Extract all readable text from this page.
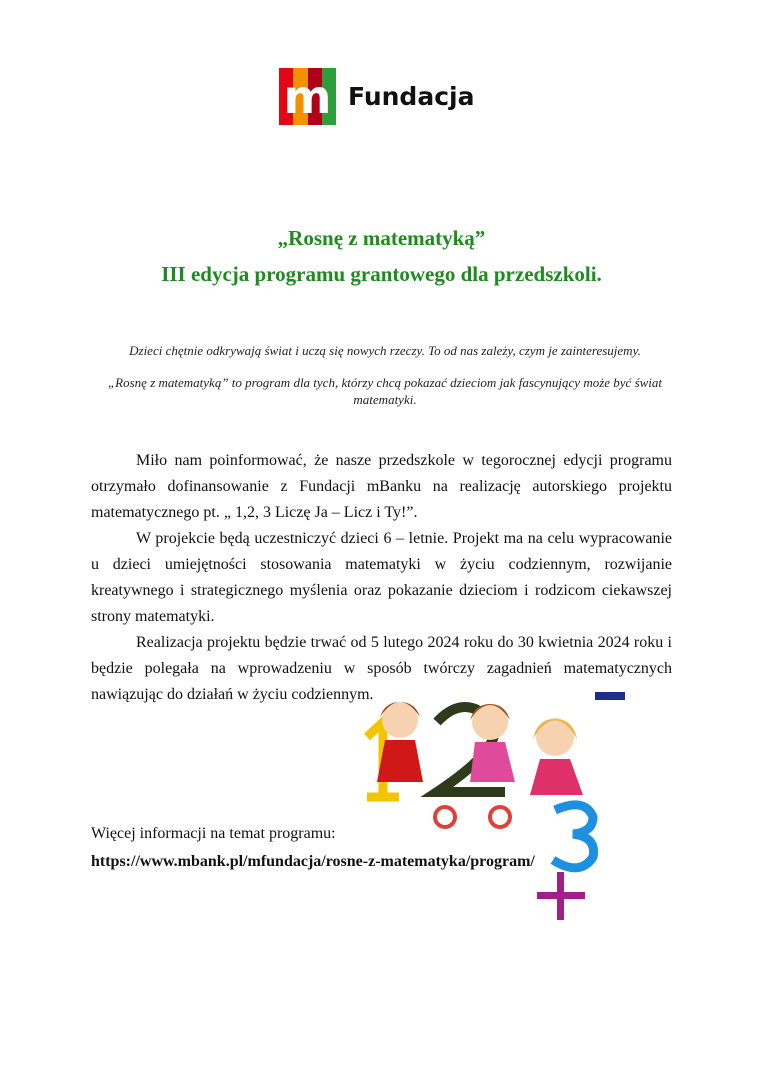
m Fundacja
„Rosnę z matematyką”
III edycja programu grantowego dla przedszkoli.
Dzieci chętnie odkrywają świat i uczą się nowych rzeczy. To od nas zależy, czym je zainteresujemy.
„Rosnę z matematyką” to program dla tych, którzy chcą pokazać dzieciom jak fascynujący może być świat matematyki.

Miło nam poinformować, że nasze przedszkole w tegorocznej edycji programu otrzymało dofinansowanie z Fundacji mBanku na realizację autorskiego projektu matematycznego pt. „ 1,2, 3 Liczę Ja – Licz i Ty!”.

W projekcie będą uczestniczyć dzieci 6 – letnie. Projekt ma na celu wypracowanie u dzieci umiejętności stosowania matematyki w życiu codziennym, rozwijanie kreatywnego i strategicznego myślenia oraz pokazanie dzieciom i rodzicom ciekawszej strony matematyki.

Realizacja projektu będzie trwać od 5 lutego 2024 roku do 30 kwietnia 2024 roku i będzie polegała na wprowadzeniu w sposób twórczy zagadnień matematycznych nawiązując do działań w życiu codziennym.

Więcej informacji na temat programu:
https://www.mbank.pl/mfundacja/rosne-z-matematyka/program/
